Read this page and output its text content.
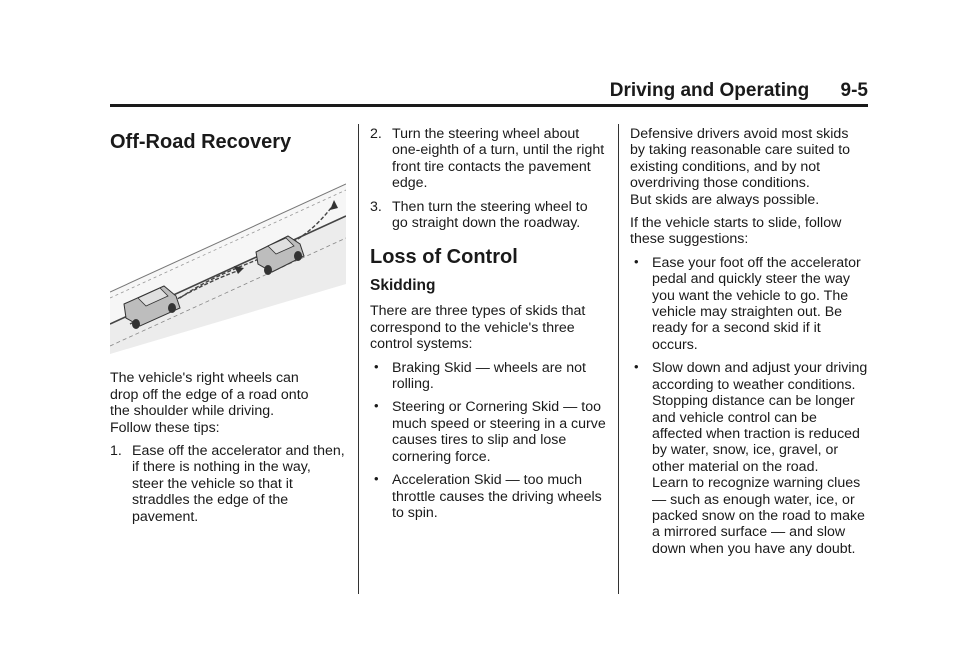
Driving and Operating 9-5
Off-Road Recovery

The vehicle's right wheels can
drop off the edge of a road onto
the shoulder while driving.
Follow these tips:

1. Ease off the accelerator and then, if there is nothing in the way, steer the vehicle so that it straddles the edge of the pavement.
2. Turn the steering wheel about one-eighth of a turn, until the right front tire contacts the pavement edge.
3. Then turn the steering wheel to go straight down the roadway.
Loss of Control
Skidding

There are three types of skids that correspond to the vehicle's three control systems:

• Braking Skid — wheels are not rolling.
• Steering or Cornering Skid — too much speed or steering in a curve causes tires to slip and lose cornering force.
• Acceleration Skid — too much throttle causes the driving wheels to spin.

Defensive drivers avoid most skids
by taking reasonable care suited to
existing conditions, and by not
overdriving those conditions.
But skids are always possible.

If the vehicle starts to slide, follow these suggestions:

• Ease your foot off the accelerator pedal and quickly steer the way you want the vehicle to go. The vehicle may straighten out. Be ready for a second skid if it occurs.
• Slow down and adjust your driving according to weather conditions. Stopping distance can be longer and vehicle control can be affected when traction is reduced by water, snow, ice, gravel, or other material on the road.
Learn to recognize warning clues — such as enough water, ice, or packed snow on the road to make a mirrored surface — and slow down when you have any doubt.
